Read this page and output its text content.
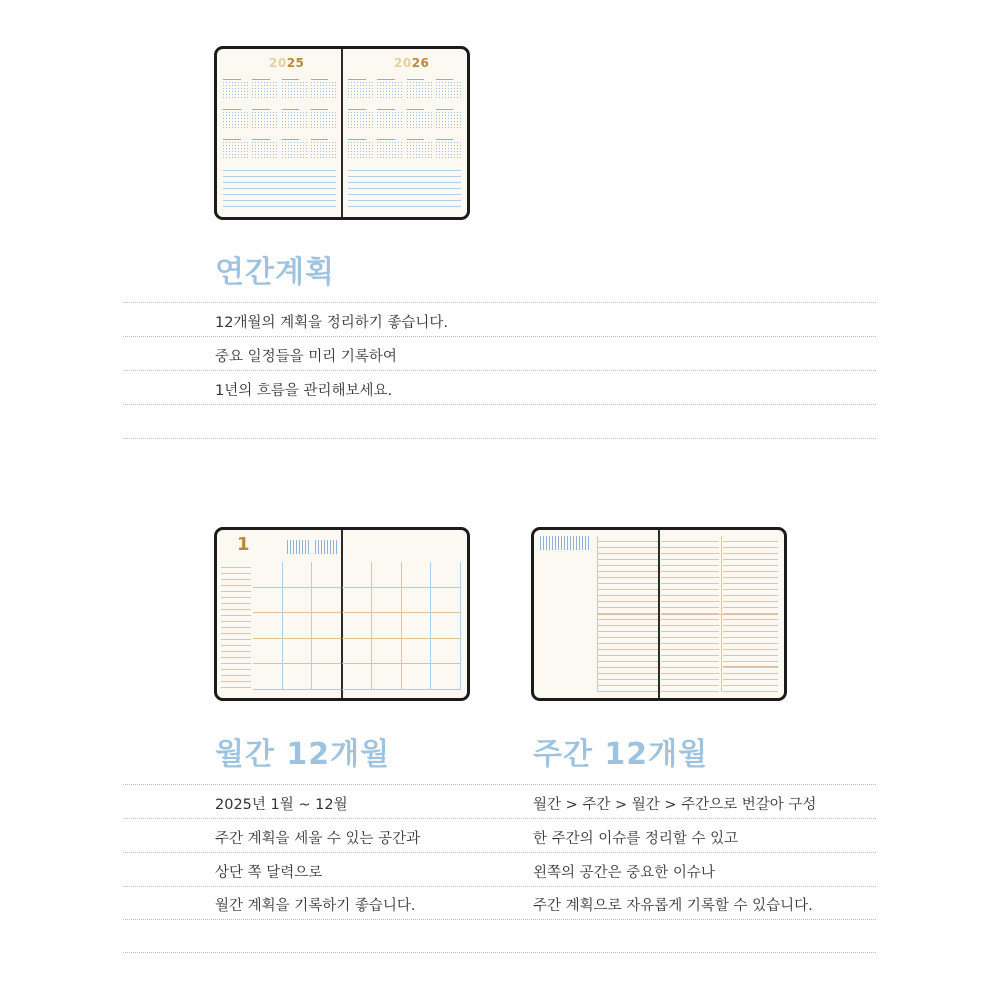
2025	2026
연간계획
12개월의 계획을 정리하기 좋습니다.
중요 일정들을 미리 기록하여
1년의 흐름을 관리해보세요.
1
월간 12개월
2025년 1월 ~ 12월
주간 계획을 세울 수 있는 공간과
상단 쪽 달력으로
월간 계획을 기록하기 좋습니다.
주간 12개월
월간 > 주간 > 월간 > 주간으로 번갈아 구성
한 주간의 이슈를 정리할 수 있고
왼쪽의 공간은 중요한 이슈나
주간 계획으로 자유롭게 기록할 수 있습니다.
